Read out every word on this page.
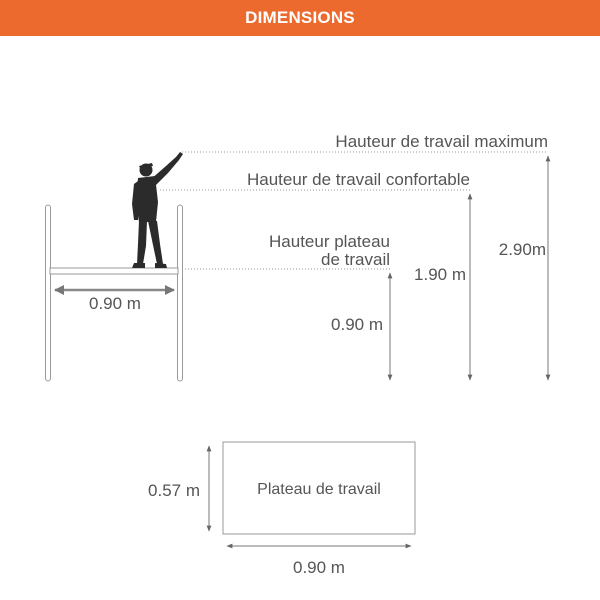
DIMENSIONS
Hauteur de travail maximum
Hauteur de travail confortable
Hauteur plateau
de travail
2.90m
1.90 m
0.90 m
0.90 m
Plateau de travail
0.57 m
0.90 m
